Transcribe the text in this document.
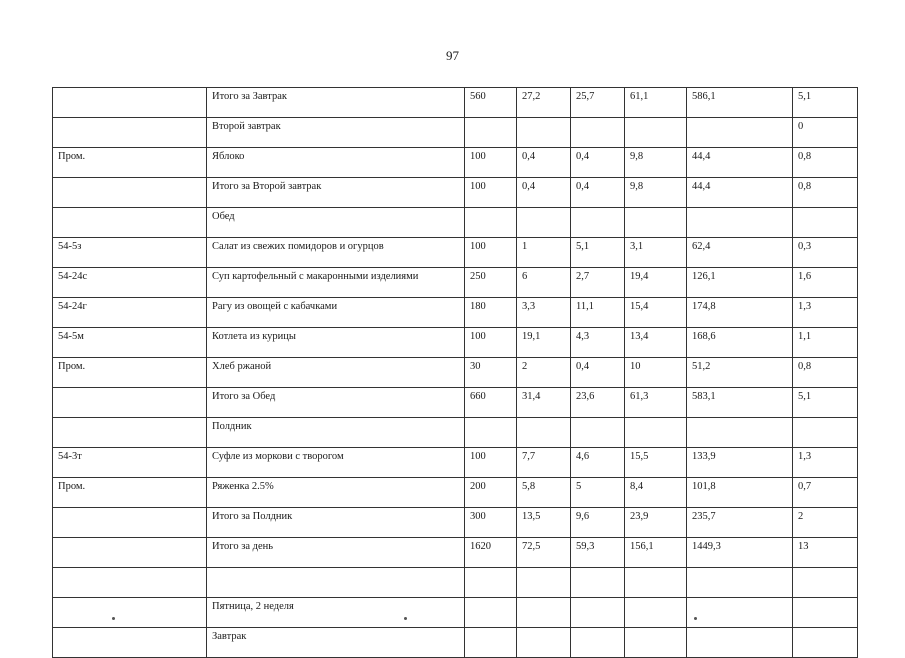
97
	Итого за Завтрак	560	27,2	25,7	61,1	586,1	5,1
	Второй завтрак						0
Пром.	Яблоко	100	0,4	0,4	9,8	44,4	0,8
	Итого за Второй завтрак	100	0,4	0,4	9,8	44,4	0,8
	Обед						
54-5з	Салат из свежих помидоров и огурцов	100	1	5,1	3,1	62,4	0,3
54-24с	Суп картофельный с макаронными изделиями	250	6	2,7	19,4	126,1	1,6
54-24г	Рагу из овощей с кабачками	180	3,3	11,1	15,4	174,8	1,3
54-5м	Котлета из курицы	100	19,1	4,3	13,4	168,6	1,1
Пром.	Хлеб ржаной	30	2	0,4	10	51,2	0,8
	Итого за Обед	660	31,4	23,6	61,3	583,1	5,1
	Полдник						
54-3т	Суфле из моркови с творогом	100	7,7	4,6	15,5	133,9	1,3
Пром.	Ряженка 2.5%	200	5,8	5	8,4	101,8	0,7
	Итого за Полдник	300	13,5	9,6	23,9	235,7	2
	Итого за день	1620	72,5	59,3	156,1	1449,3	13

	Пятница, 2 неделя						
	Завтрак						
